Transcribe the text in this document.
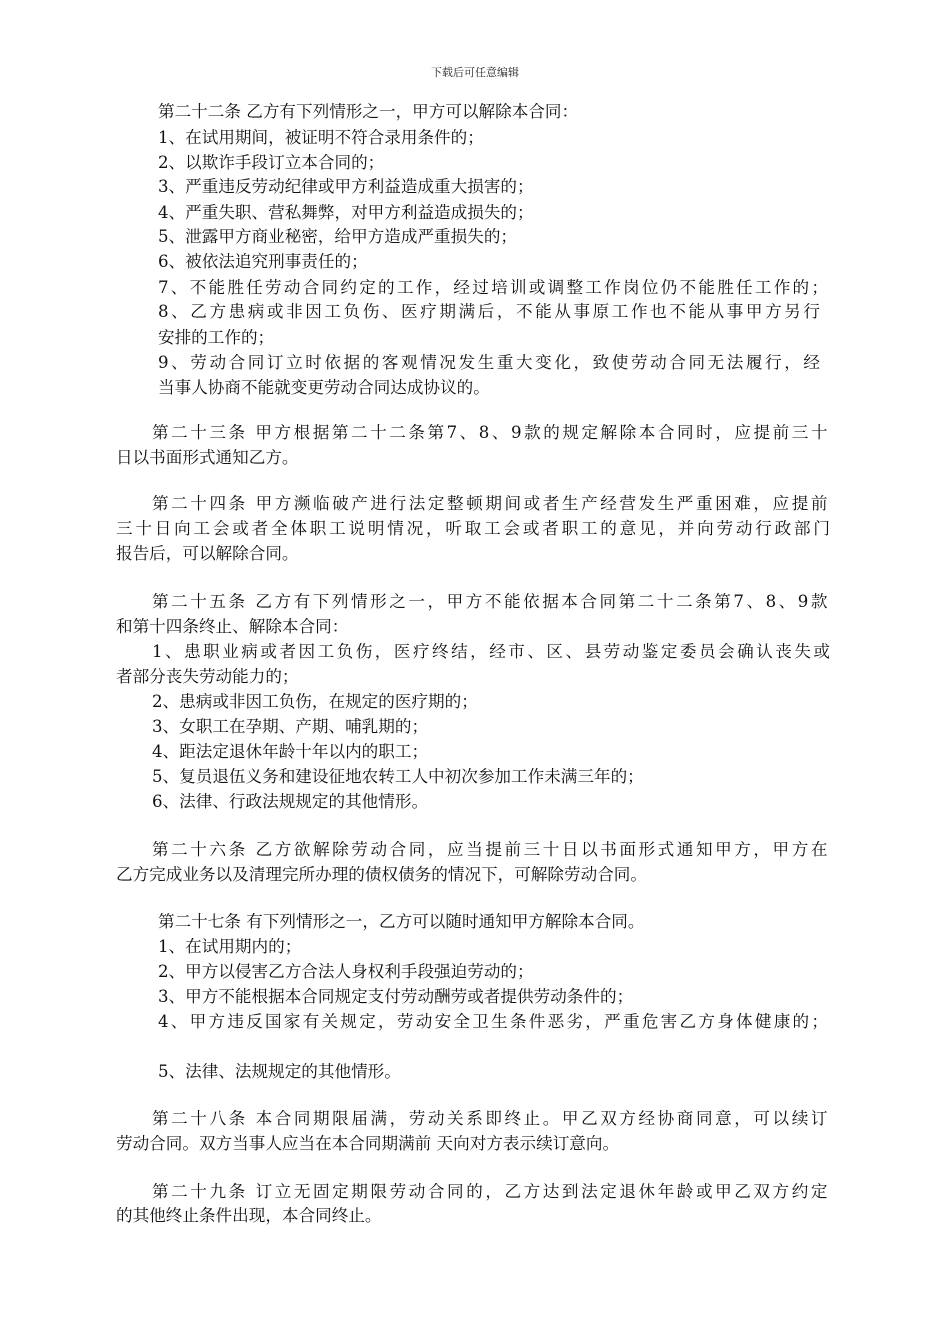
下载后可任意编辑
第二十二条 乙方有下列情形之一，甲方可以解除本合同：
1、在试用期间，被证明不符合录用条件的；
2、以欺诈手段订立本合同的；
3、严重违反劳动纪律或甲方利益造成重大损害的；
4、严重失职、营私舞弊，对甲方利益造成损失的；
5、泄露甲方商业秘密，给甲方造成严重损失的；
6、被依法追究刑事责任的；
7、不能胜任劳动合同约定的工作，经过培训或调整工作岗位仍不能胜任工作的；
8、乙方患病或非因工负伤、医疗期满后，不能从事原工作也不能从事甲方另行
安排的工作的；
9、劳动合同订立时依据的客观情况发生重大变化，致使劳动合同无法履行，经
当事人协商不能就变更劳动合同达成协议的。
第二十三条 甲方根据第二十二条第7、8、9款的规定解除本合同时，应提前三十
日以书面形式通知乙方。
第二十四条 甲方濒临破产进行法定整顿期间或者生产经营发生严重困难，应提前
三十日向工会或者全体职工说明情况，听取工会或者职工的意见，并向劳动行政部门
报告后，可以解除合同。
第二十五条 乙方有下列情形之一，甲方不能依据本合同第二十二条第7、8、9款
和第十四条终止、解除本合同：
1、患职业病或者因工负伤，医疗终结，经市、区、县劳动鉴定委员会确认丧失或
者部分丧失劳动能力的；
2、患病或非因工负伤，在规定的医疗期的；
3、女职工在孕期、产期、哺乳期的；
4、距法定退休年龄十年以内的职工；
5、复员退伍义务和建设征地农转工人中初次参加工作未满三年的；
6、法律、行政法规规定的其他情形。
第二十六条 乙方欲解除劳动合同，应当提前三十日以书面形式通知甲方，甲方在
乙方完成业务以及清理完所办理的债权债务的情况下，可解除劳动合同。
第二十七条 有下列情形之一，乙方可以随时通知甲方解除本合同。
1、在试用期内的；
2、甲方以侵害乙方合法人身权利手段强迫劳动的；
3、甲方不能根据本合同规定支付劳动酬劳或者提供劳动条件的；
4、甲方违反国家有关规定，劳动安全卫生条件恶劣，严重危害乙方身体健康的；
5、法律、法规规定的其他情形。
第二十八条 本合同期限届满，劳动关系即终止。甲乙双方经协商同意，可以续订
劳动合同。双方当事人应当在本合同期满前 天向对方表示续订意向。
第二十九条 订立无固定期限劳动合同的，乙方达到法定退休年龄或甲乙双方约定
的其他终止条件出现，本合同终止。
